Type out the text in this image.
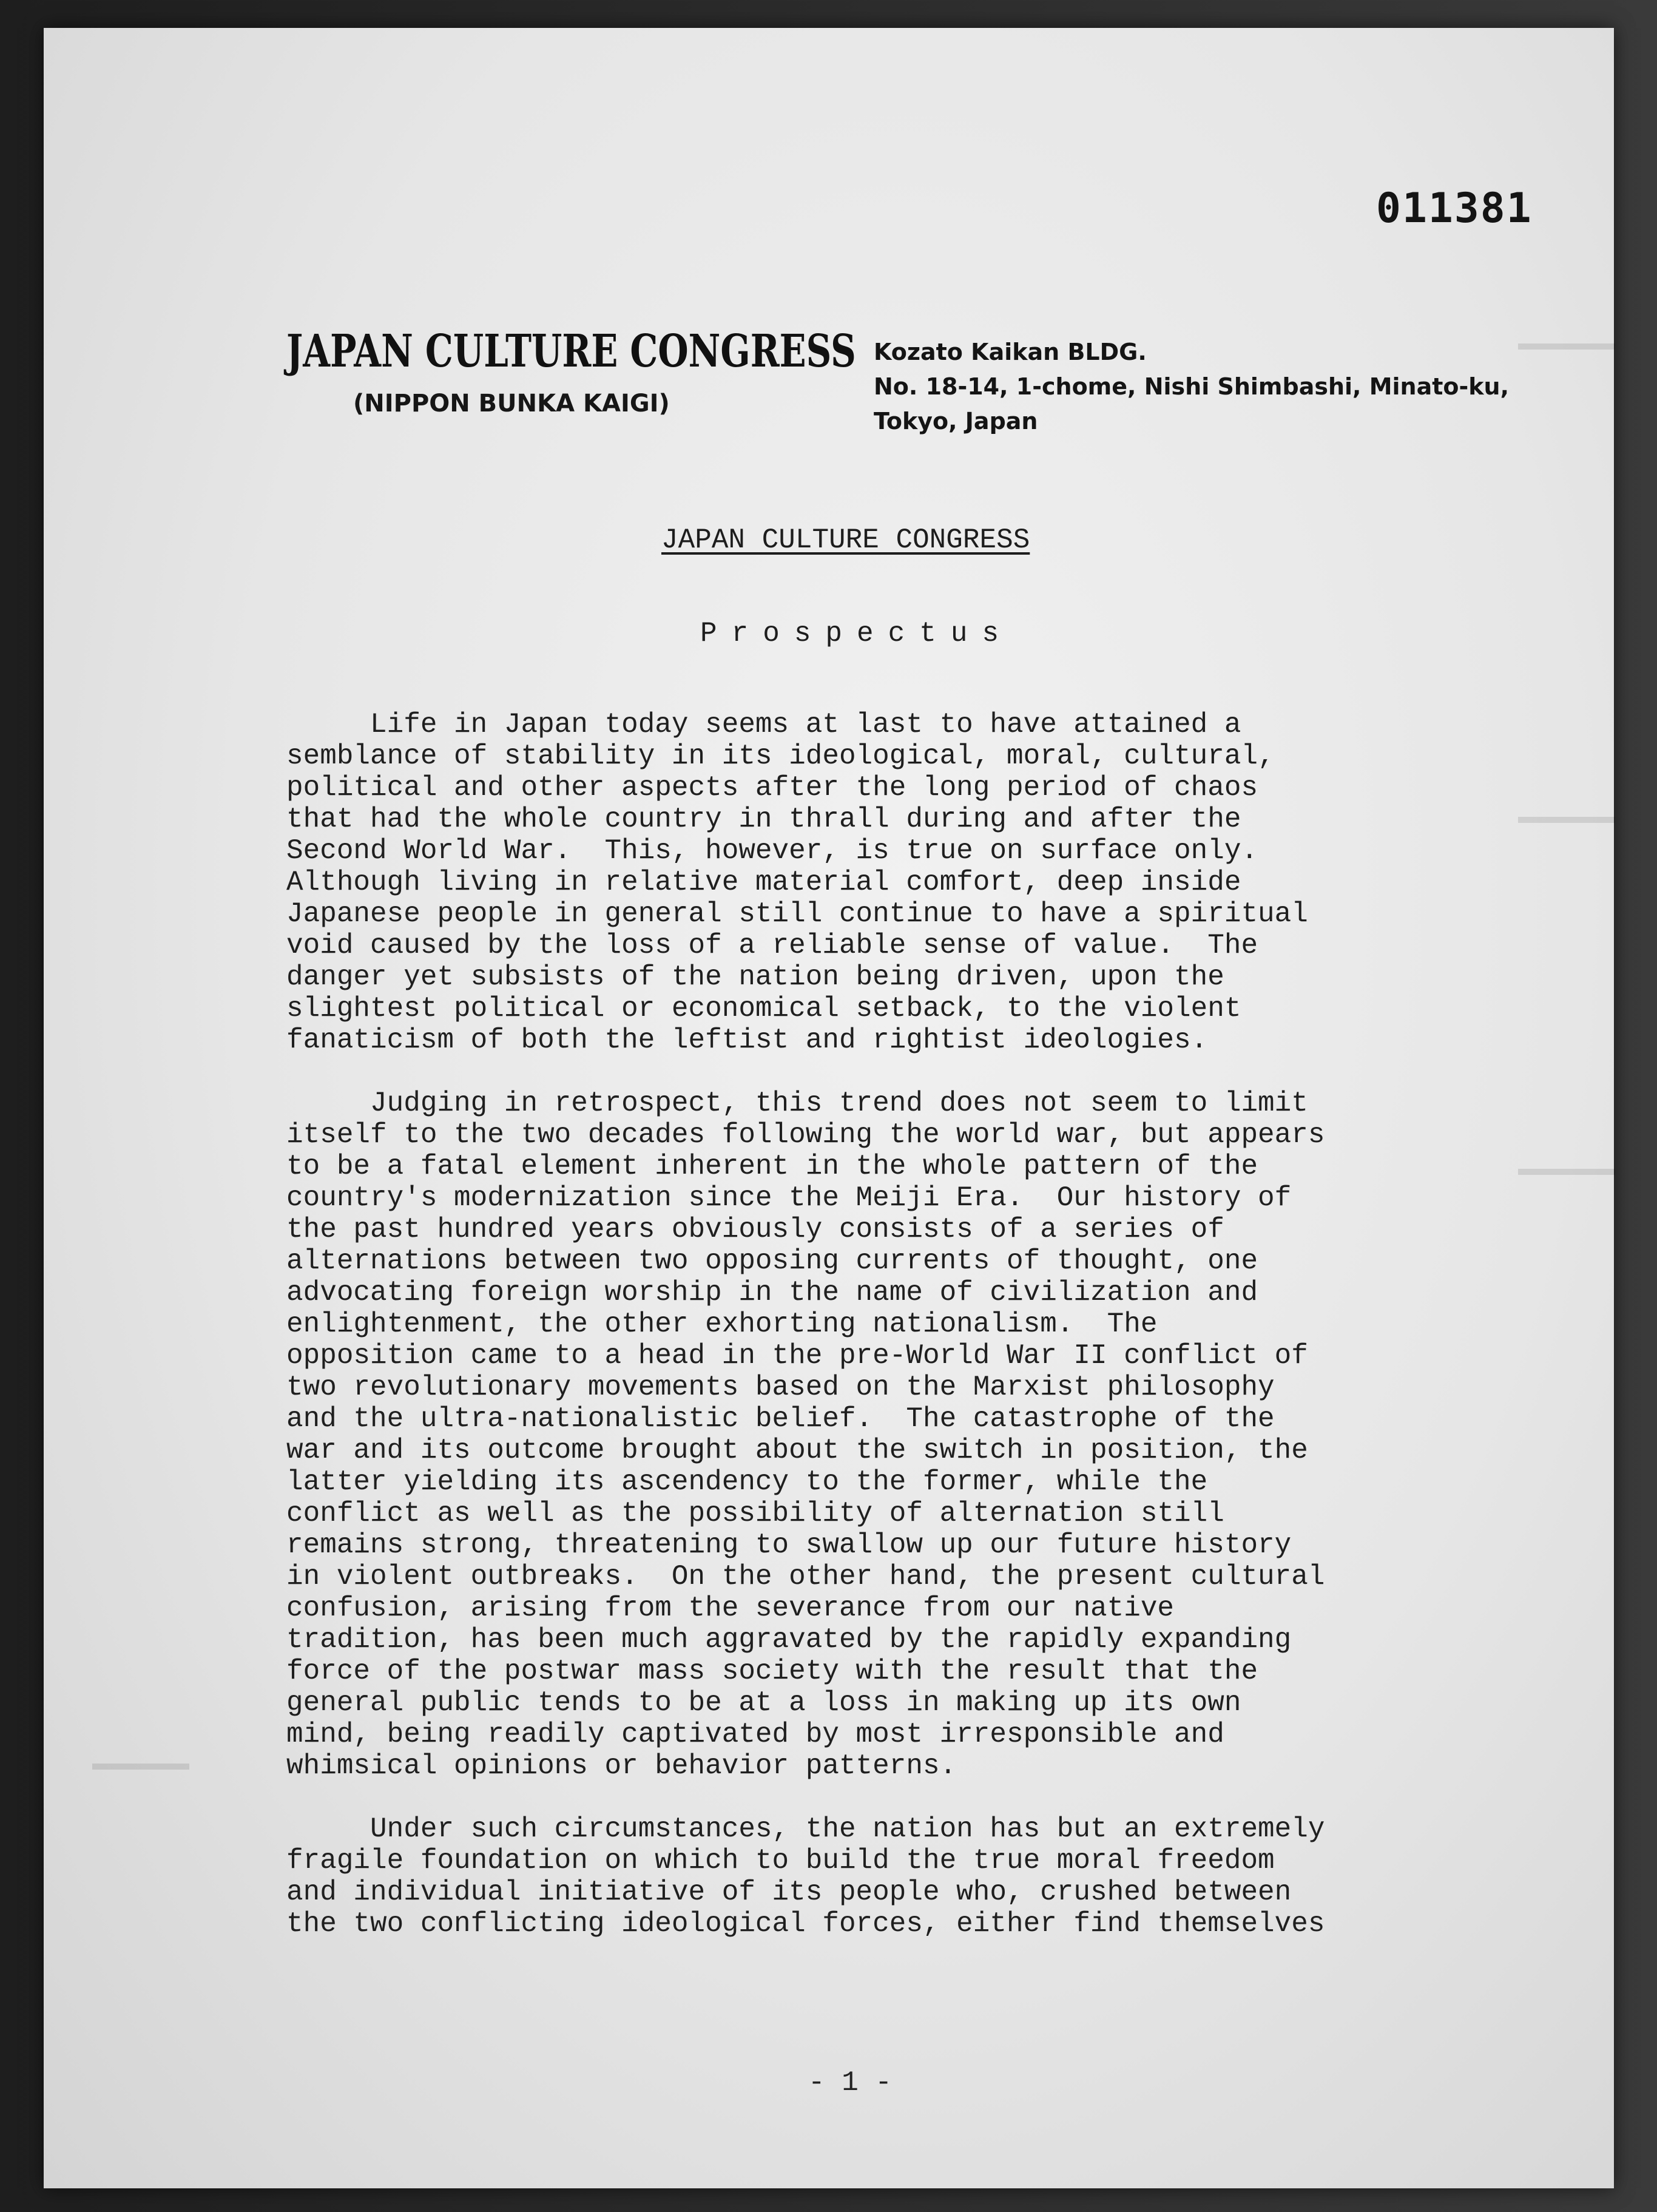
011381
JAPAN CULTURE CONGRESS
(NIPPON BUNKA KAIGI)
Kozato Kaikan BLDG.
No. 18-14, 1-chome, Nishi Shimbashi, Minato-ku,
Tokyo, Japan
JAPAN CULTURE CONGRESS
Prospectus
Life in Japan today seems at last to have attained a
semblance of stability in its ideological, moral, cultural,
political and other aspects after the long period of chaos
that had the whole country in thrall during and after the
Second World War.  This, however, is true on surface only.
Although living in relative material comfort, deep inside
Japanese people in general still continue to have a spiritual
void caused by the loss of a reliable sense of value.  The
danger yet subsists of the nation being driven, upon the
slightest political or economical setback, to the violent
fanaticism of both the leftist and rightist ideologies.
Judging in retrospect, this trend does not seem to limit
itself to the two decades following the world war, but appears
to be a fatal element inherent in the whole pattern of the
country's modernization since the Meiji Era.  Our history of
the past hundred years obviously consists of a series of
alternations between two opposing currents of thought, one
advocating foreign worship in the name of civilization and
enlightenment, the other exhorting nationalism.  The
opposition came to a head in the pre-World War II conflict of
two revolutionary movements based on the Marxist philosophy
and the ultra-nationalistic belief.  The catastrophe of the
war and its outcome brought about the switch in position, the
latter yielding its ascendency to the former, while the
conflict as well as the possibility of alternation still
remains strong, threatening to swallow up our future history
in violent outbreaks.  On the other hand, the present cultural
confusion, arising from the severance from our native
tradition, has been much aggravated by the rapidly expanding
force of the postwar mass society with the result that the
general public tends to be at a loss in making up its own
mind, being readily captivated by most irresponsible and
whimsical opinions or behavior patterns.
Under such circumstances, the nation has but an extremely
fragile foundation on which to build the true moral freedom
and individual initiative of its people who, crushed between
the two conflicting ideological forces, either find themselves
- 1 -
